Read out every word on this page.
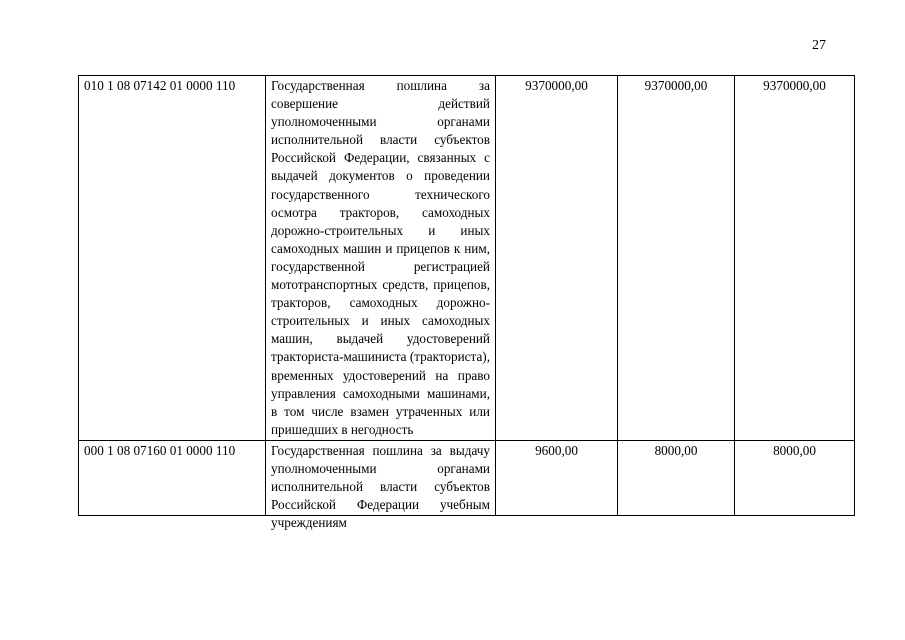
27
010 1 08 07142 01 0000 110	Государственная пошлина за совершение действий уполномоченными органами исполнительной власти субъектов Российской Федерации, связанных с выдачей документов о проведении государственного технического осмотра тракторов, самоходных дорожно-строительных и иных самоходных машин и прицепов к ним, государственной регистрацией мототранспортных средств, прицепов, тракторов, самоходных дорожно-строительных и иных самоходных машин, выдачей удостоверений тракториста-машиниста (тракториста), временных удостоверений на право управления самоходными машинами, в том числе взамен утраченных или пришедших в негодность	9370000,00	9370000,00	9370000,00
000 1 08 07160 01 0000 110	Государственная пошлина за выдачу уполномоченными органами исполнительной власти субъектов Российской Федерации учебным учреждениям	9600,00	8000,00	8000,00
